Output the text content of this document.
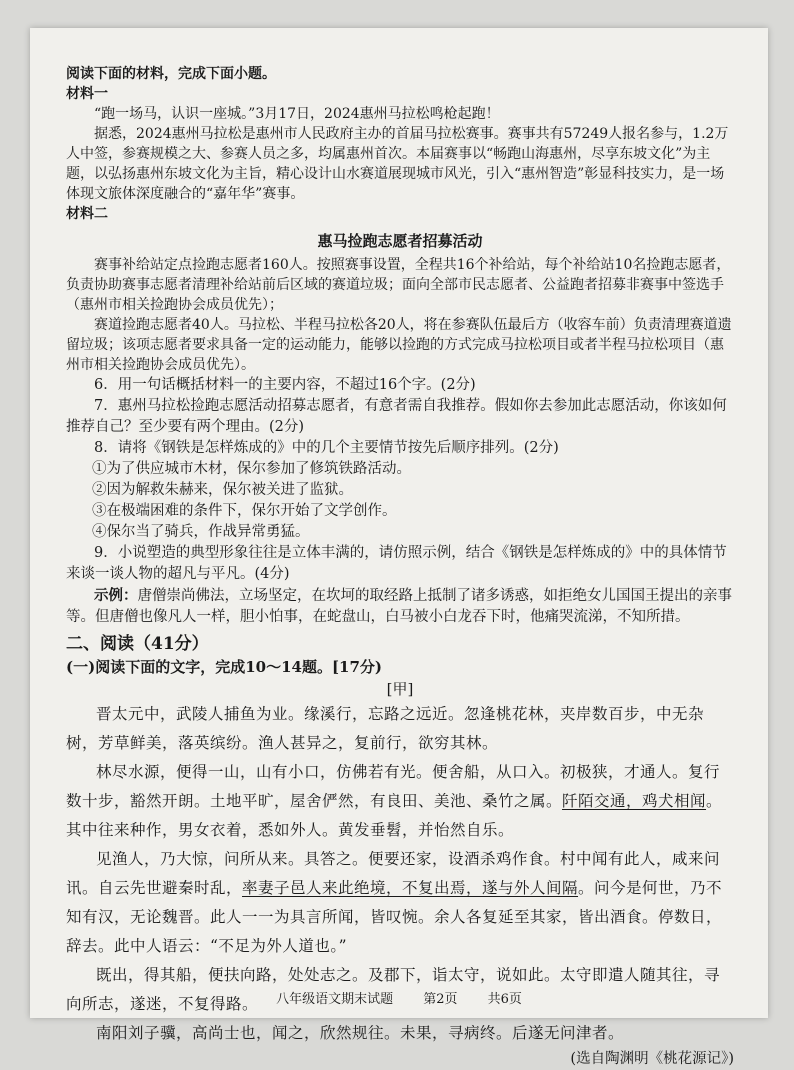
阅读下面的材料，完成下面小题。

材料一

“跑一场马，认识一座城。”3月17日，2024惠州马拉松鸣枪起跑！

据悉，2024惠州马拉松是惠州市人民政府主办的首届马拉松赛事。赛事共有57249人报名参与，1.2万人中签，参赛规模之大、参赛人员之多，均属惠州首次。本届赛事以“畅跑山海惠州，尽享东坡文化”为主题，以弘扬惠州东坡文化为主旨，精心设计山水赛道展现城市风光，引入“惠州智造”彰显科技实力，是一场体现文旅体深度融合的“嘉年华”赛事。

材料二

惠马捡跑志愿者招募活动

赛事补给站定点捡跑志愿者160人。按照赛事设置，全程共16个补给站，每个补给站10名捡跑志愿者，负责协助赛事志愿者清理补给站前后区域的赛道垃圾；面向全部市民志愿者、公益跑者招募非赛事中签选手（惠州市相关捡跑协会成员优先）；

赛道捡跑志愿者40人。马拉松、半程马拉松各20人，将在参赛队伍最后方（收容车前）负责清理赛道遗留垃圾；该项志愿者要求具备一定的运动能力，能够以捡跑的方式完成马拉松项目或者半程马拉松项目（惠州市相关捡跑协会成员优先）。

6．用一句话概括材料一的主要内容，不超过16个字。(2分)

7．惠州马拉松捡跑志愿活动招募志愿者，有意者需自我推荐。假如你去参加此志愿活动，你该如何推荐自己？至少要有两个理由。(2分)

8．请将《钢铁是怎样炼成的》中的几个主要情节按先后顺序排列。(2分)

①为了供应城市木材，保尔参加了修筑铁路活动。

②因为解救朱赫来，保尔被关进了监狱。

③在极端困难的条件下，保尔开始了文学创作。

④保尔当了骑兵，作战异常勇猛。

9．小说塑造的典型形象往往是立体丰满的，请仿照示例，结合《钢铁是怎样炼成的》中的具体情节来谈一谈人物的超凡与平凡。(4分)

示例：唐僧崇尚佛法，立场坚定，在坎坷的取经路上抵制了诸多诱惑，如拒绝女儿国国王提出的亲事等。但唐僧也像凡人一样，胆小怕事，在蛇盘山，白马被小白龙吞下时，他痛哭流涕，不知所措。

二、阅读（41分）

(一)阅读下面的文字，完成10～14题。[17分)

[甲]

晋太元中，武陵人捕鱼为业。缘溪行，忘路之远近。忽逢桃花林，夹岸数百步，中无杂树，芳草鲜美，落英缤纷。渔人甚异之，复前行，欲穷其林。

林尽水源，便得一山，山有小口，仿佛若有光。便舍船，从口入。初极狭，才通人。复行数十步，豁然开朗。土地平旷，屋舍俨然，有良田、美池、桑竹之属。阡陌交通，鸡犬相闻。其中往来种作，男女衣着，悉如外人。黄发垂髫，并怡然自乐。

见渔人，乃大惊，问所从来。具答之。便要还家，设酒杀鸡作食。村中闻有此人，咸来问讯。自云先世避秦时乱，率妻子邑人来此绝境，不复出焉，遂与外人间隔。问今是何世，乃不知有汉，无论魏晋。此人一一为具言所闻，皆叹惋。余人各复延至其家，皆出酒食。停数日，辞去。此中人语云：“不足为外人道也。”

既出，得其船，便扶向路，处处志之。及郡下，诣太守，说如此。太守即遣人随其往，寻向所志，遂迷，不复得路。

南阳刘子骥，高尚士也，闻之，欣然规往。未果，寻病终。后遂无问津者。

(选自陶渊明《桃花源记》)

八年级语文期末试题 第2页 共6页
